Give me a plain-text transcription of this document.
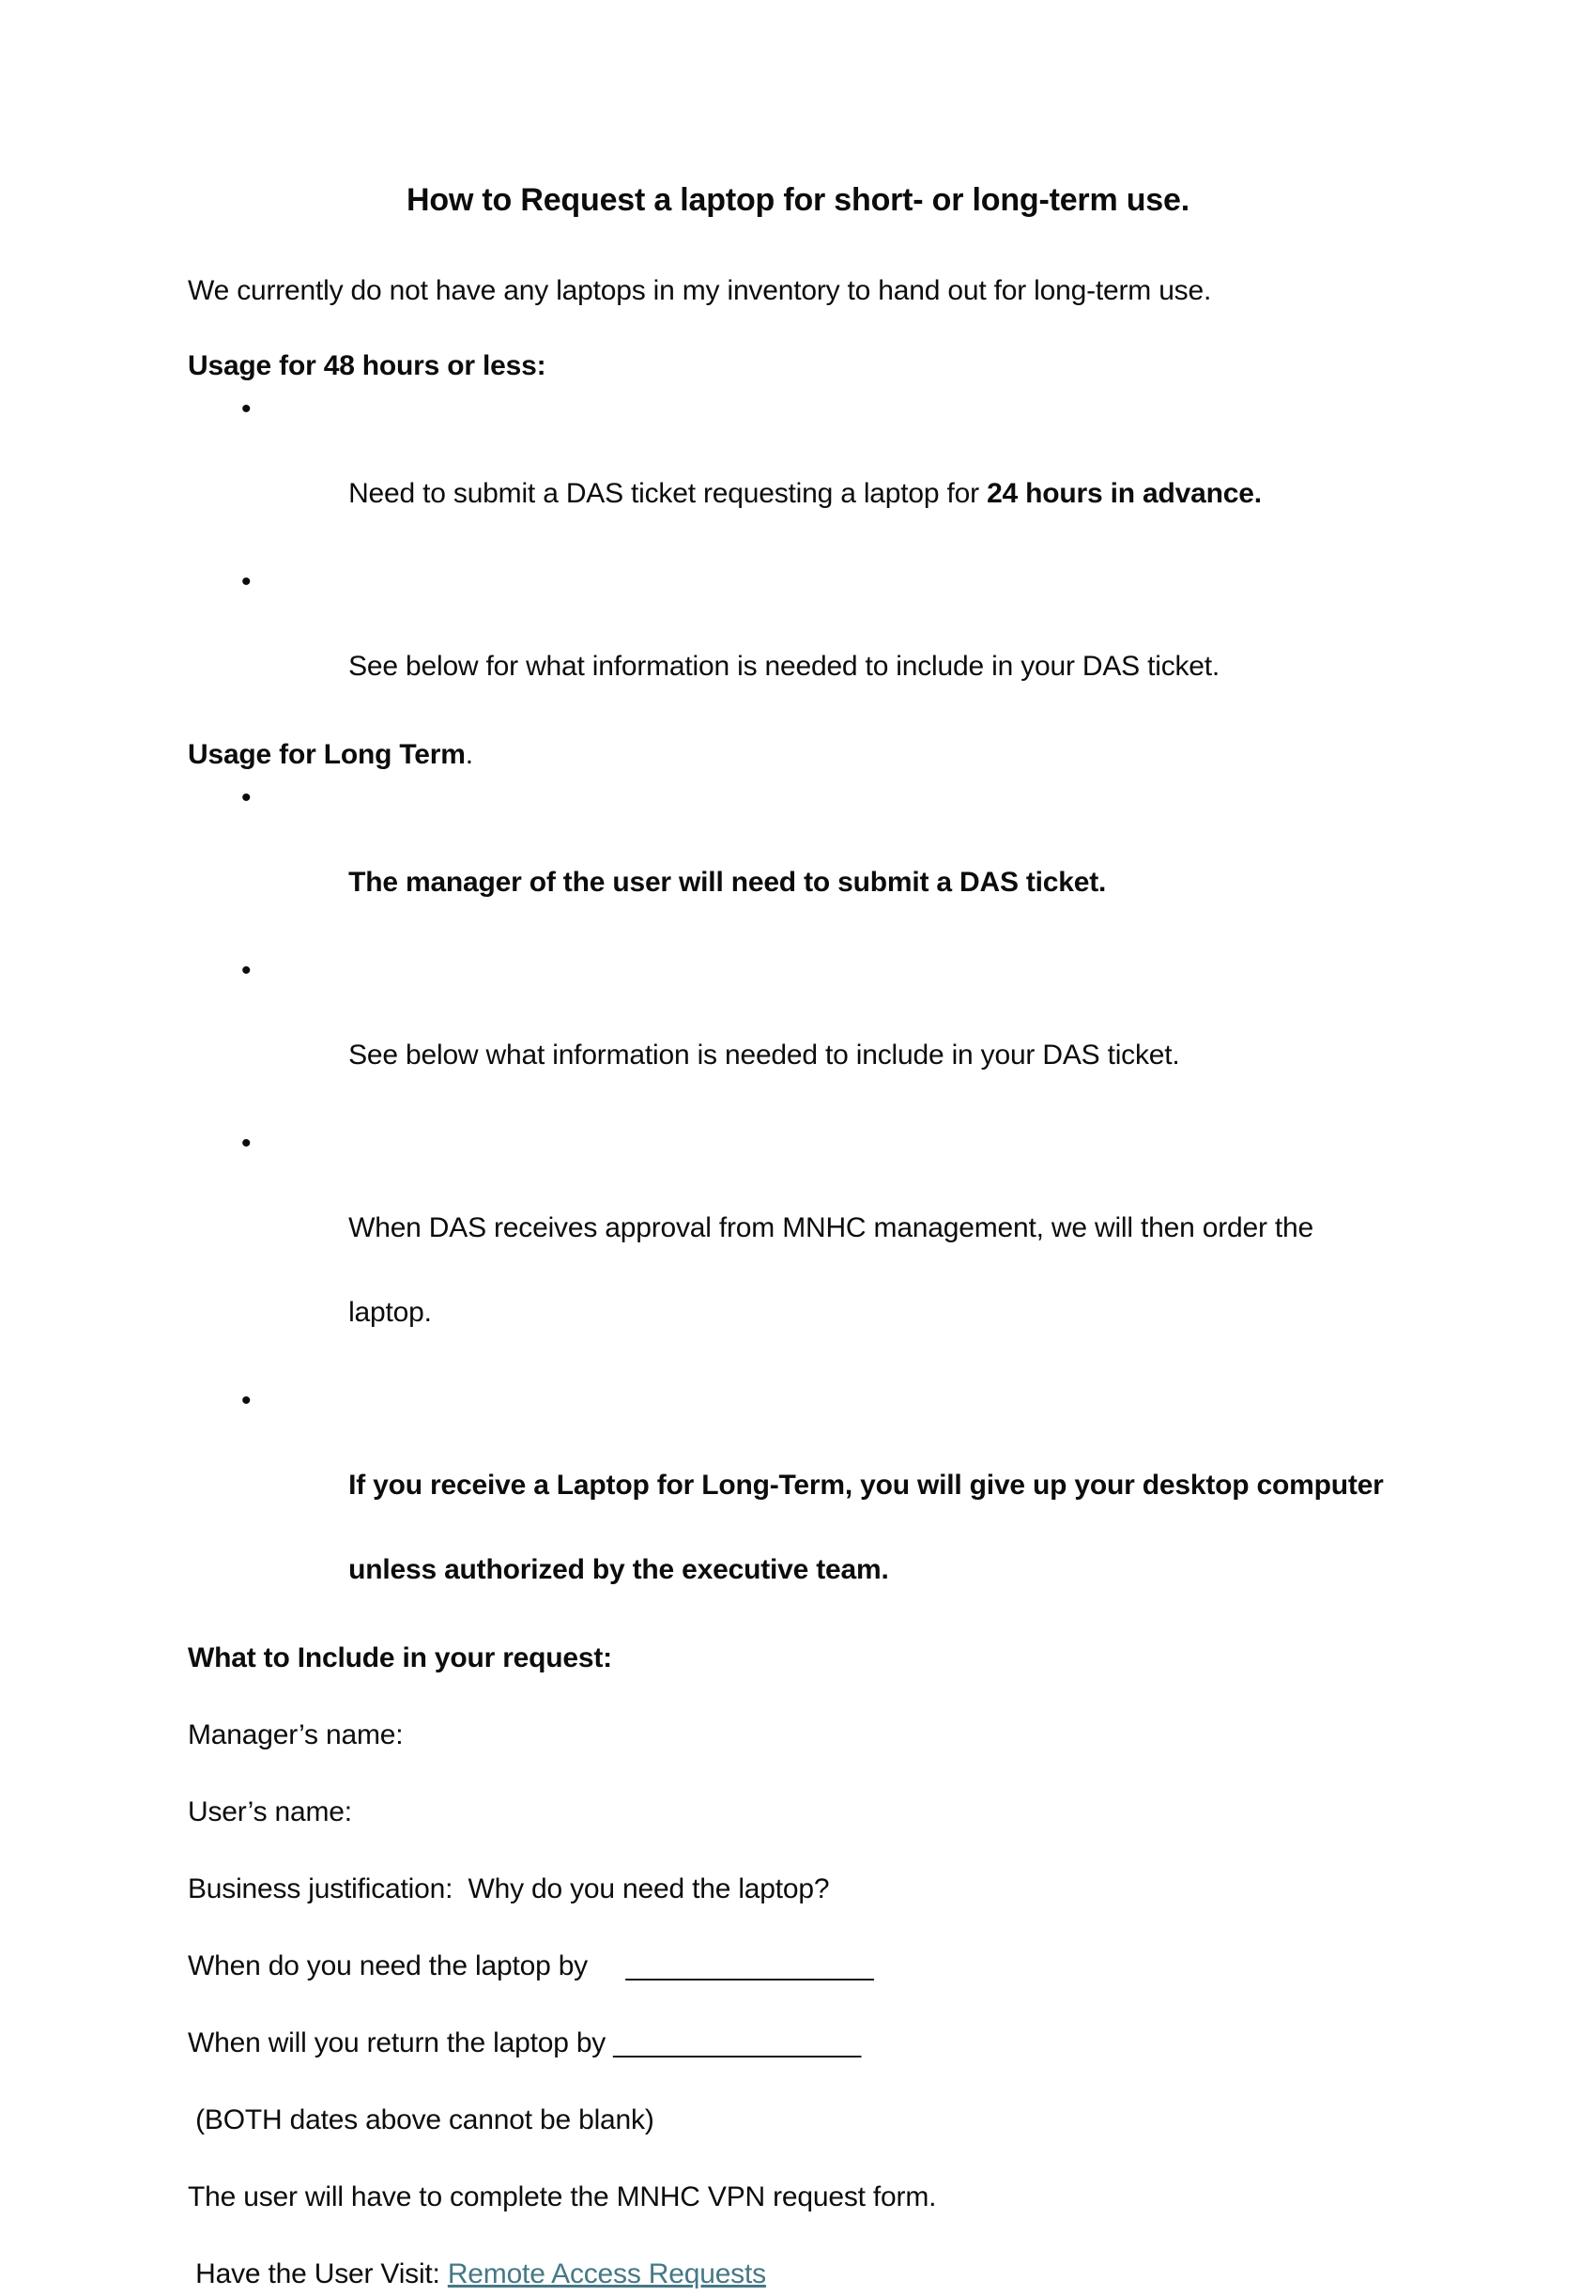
How to Request a laptop for short- or long-term use.

We currently do not have any laptops in my inventory to hand out for long-term use.

Usage for 48 hours or less:

•

Need to submit a DAS ticket requesting a laptop for 24 hours in advance.

•

See below for what information is needed to include in your DAS ticket.

Usage for Long Term.

•

The manager of the user will need to submit a DAS ticket.

•

See below what information is needed to include in your DAS ticket.

•

When DAS receives approval from MNHC management, we will then order the

laptop.

•

If you receive a Laptop for Long-Term, you will give up your desktop computer

unless authorized by the executive team.

What to Include in your request:

Manager’s name:

User’s name:

Business justification:  Why do you need the laptop?

When do you need the laptop by ________________

When will you return the laptop by ________________

(BOTH dates above cannot be blank)

The user will have to complete the MNHC VPN request form.

Have the User Visit: Remote Access Requests
